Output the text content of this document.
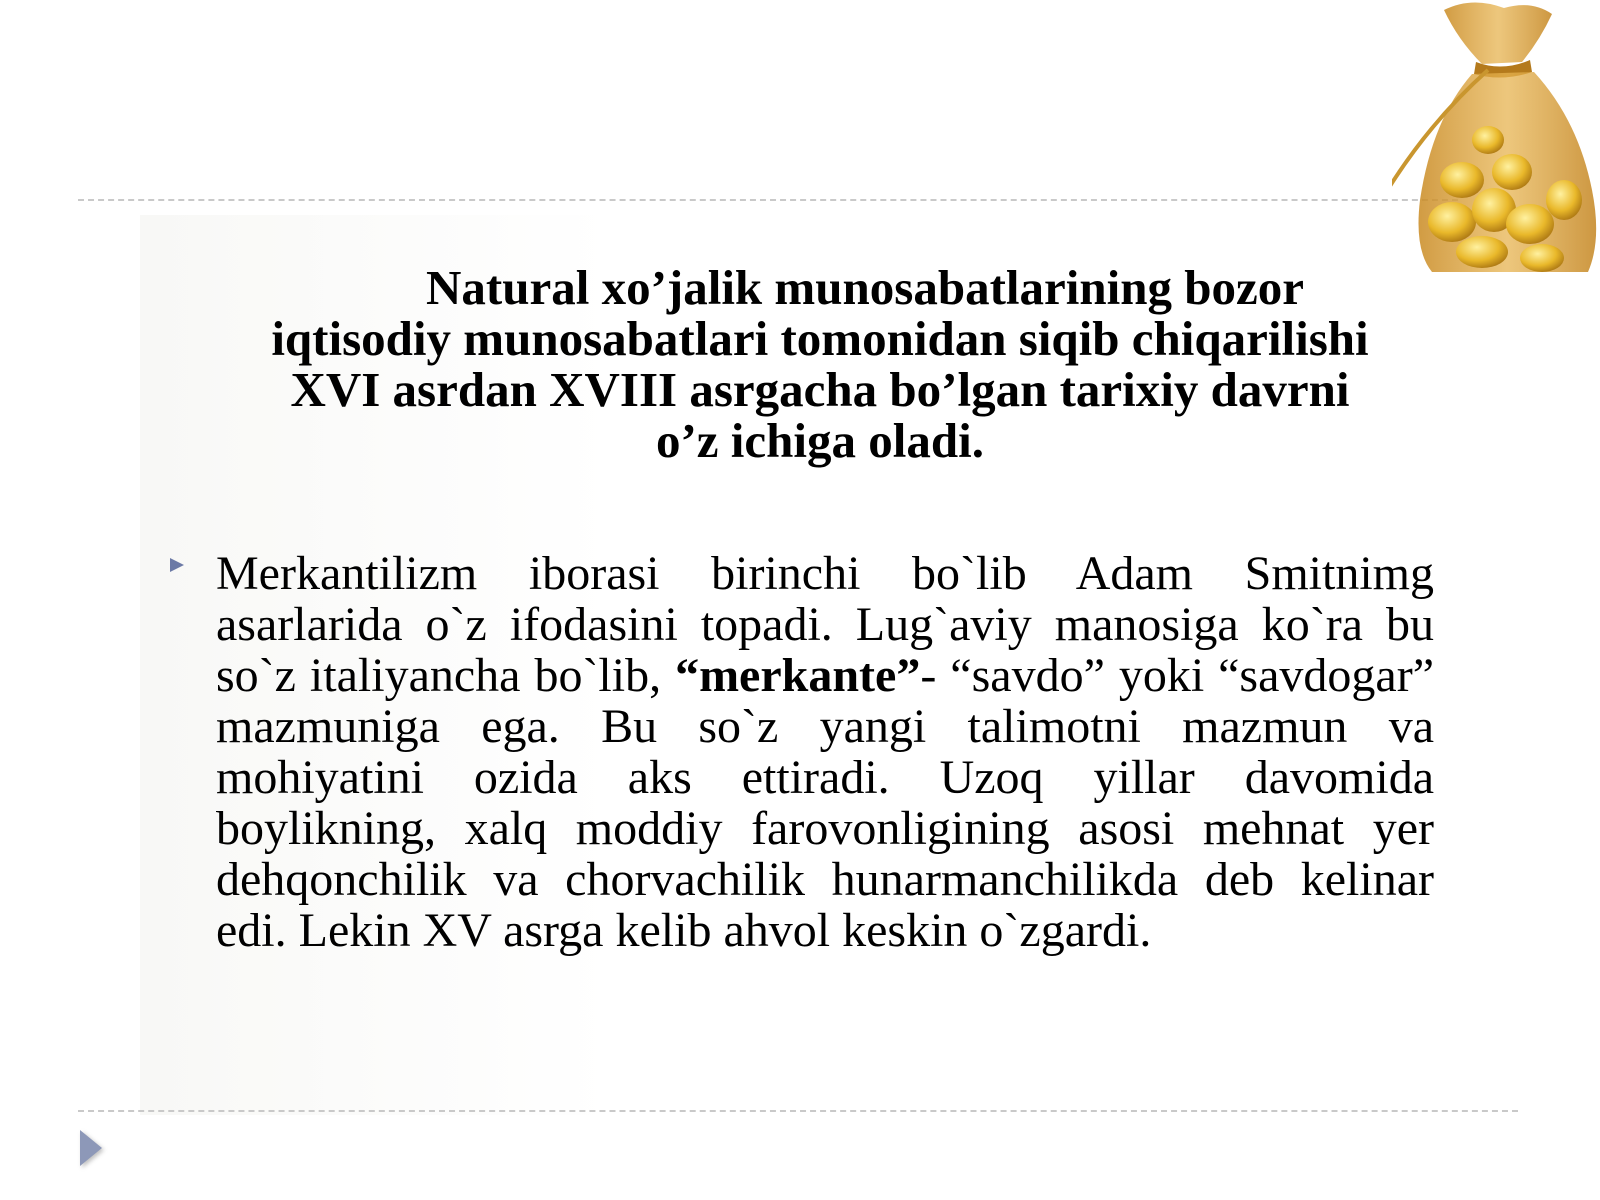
Natural xo’jalik munosabatlarining bozor
iqtisodiy munosabatlari tomonidan siqib chiqarilishi
XVI asrdan XVIII asrgacha bo’lgan tarixiy davrni
o’z ichiga oladi.

Merkantilizm iborasi birinchi bo`lib Adam Smitnimg asarlarida o`z ifodasini topadi. Lug`aviy manosiga ko`ra bu so`z italiyancha bo`lib, “merkante”- “savdo” yoki “savdogar” mazmuniga ega. Bu so`z yangi talimotni mazmun va mohiyatini ozida aks ettiradi. Uzoq yillar davomida boylikning, xalq moddiy farovonligining asosi mehnat yer dehqonchilik va chorvachilik hunarmanchilikda deb kelinar edi. Lekin XV asrga kelib ahvol keskin o`zgardi.
